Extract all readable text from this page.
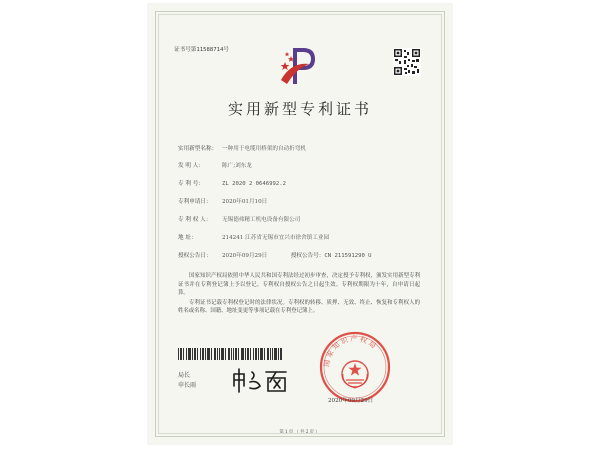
证书号第11588714号
实用新型专利证书
实用新型名称： 一种用于电缆用桥架的自动折弯机
发 明 人：	陈广;刘东龙
专 利 号：	ZL 2020 2 0646992.2
专利申请日： 2020年01月10日
专 利 权 人： 无锡德弗精工机电设备有限公司
地 址：	214241 江苏省无锡市宜兴市徐舍镇工业园
授权公告日： 2020年09月29日	授权公告号：CN 211591290 U

国家知识产权局依照中华人民共和国专利法经过初步审查，决定授予专利权，颁发实用新型专利证书并在专利登记簿上予以登记。专利权自授权公告之日起生效。专利权期限为十年，自申请日起算。

专利证书记载专利权登记时的法律状况。专利权的转移、质押、无效、终止、恢复和专利权人的姓名或名称、国籍、地址变更等事项记载在专利登记簿上。

局长
申长雨
国家知识产权局
2020年09月29日
第1页（共2页）
